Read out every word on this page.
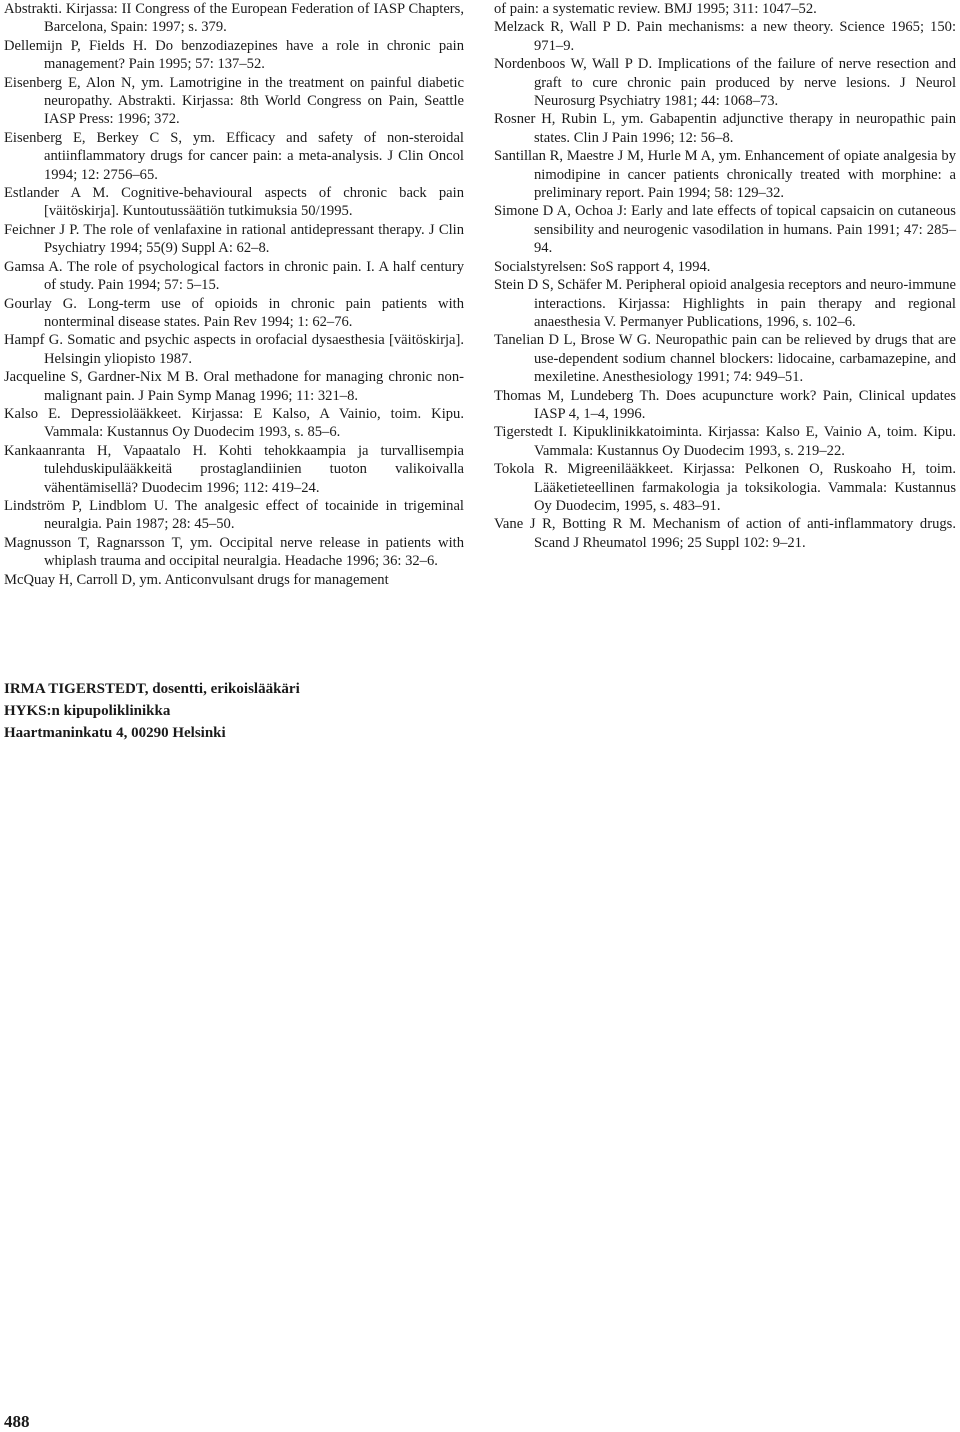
Abstrakti. Kirjassa: II Congress of the European Federation of IASP Chapters, Barcelona, Spain: 1997; s. 379.

Dellemijn P, Fields H. Do benzodiazepines have a role in chronic pain management? Pain 1995; 57: 137–52.

Eisenberg E, Alon N, ym. Lamotrigine in the treatment on painful diabetic neuropathy. Abstrakti. Kirjassa: 8th World Congress on Pain, Seattle IASP Press: 1996; 372.

Eisenberg E, Berkey C S, ym. Efficacy and safety of non-steroidal antiinflammatory drugs for cancer pain: a meta-analysis. J Clin Oncol 1994; 12: 2756–65.

Estlander A M. Cognitive-behavioural aspects of chronic back pain [väitöskirja]. Kuntoutussäätiön tutkimuksia 50/1995.

Feichner J P. The role of venlafaxine in rational antidepressant therapy. J Clin Psychiatry 1994; 55(9) Suppl A: 62–8.

Gamsa A. The role of psychological factors in chronic pain. I. A half century of study. Pain 1994; 57: 5–15.

Gourlay G. Long-term use of opioids in chronic pain patients with nonterminal disease states. Pain Rev 1994; 1: 62–76.

Hampf G. Somatic and psychic aspects in orofacial dysaesthesia [väitöskirja]. Helsingin yliopisto 1987.

Jacqueline S, Gardner-Nix M B. Oral methadone for managing chronic non-malignant pain. J Pain Symp Manag 1996; 11: 321–8.

Kalso E. Depressiolääkkeet. Kirjassa: E Kalso, A Vainio, toim. Kipu. Vammala: Kustannus Oy Duodecim 1993, s. 85–6.

Kankaanranta H, Vapaatalo H. Kohti tehokkaampia ja turvallisempia tulehduskipulääkkeitä prostaglandiinien tuoton valikoivalla vähentämisellä? Duodecim 1996; 112: 419–24.

Lindström P, Lindblom U. The analgesic effect of tocainide in trigeminal neuralgia. Pain 1987; 28: 45–50.

Magnusson T, Ragnarsson T, ym. Occipital nerve release in patients with whiplash trauma and occipital neuralgia. Headache 1996; 36: 32–6.

McQuay H, Carroll D, ym. Anticonvulsant drugs for management

of pain: a systematic review. BMJ 1995; 311: 1047–52.

Melzack R, Wall P D. Pain mechanisms: a new theory. Science 1965; 150: 971–9.

Nordenboos W, Wall P D. Implications of the failure of nerve resection and graft to cure chronic pain produced by nerve lesions. J Neurol Neurosurg Psychiatry 1981; 44: 1068–73.

Rosner H, Rubin L, ym. Gabapentin adjunctive therapy in neuropathic pain states. Clin J Pain 1996; 12: 56–8.

Santillan R, Maestre J M, Hurle M A, ym. Enhancement of opiate analgesia by nimodipine in cancer patients chronically treated with morphine: a preliminary report. Pain 1994; 58: 129–32.

Simone D A, Ochoa J: Early and late effects of topical capsaicin on cutaneous sensibility and neurogenic vasodilation in humans. Pain 1991; 47: 285–94.

Socialstyrelsen: SoS rapport 4, 1994.

Stein D S, Schäfer M. Peripheral opioid analgesia receptors and neuro-immune interactions. Kirjassa: Highlights in pain therapy and regional anaesthesia V. Permanyer Publications, 1996, s. 102–6.

Tanelian D L, Brose W G. Neuropathic pain can be relieved by drugs that are use-dependent sodium channel blockers: lidocaine, carbamazepine, and mexiletine. Anesthesiology 1991; 74: 949–51.

Thomas M, Lundeberg Th. Does acupuncture work? Pain, Clinical updates IASP 4, 1–4, 1996.

Tigerstedt I. Kipuklinikkatoiminta. Kirjassa: Kalso E, Vainio A, toim. Kipu. Vammala: Kustannus Oy Duodecim 1993, s. 219–22.

Tokola R. Migreenilääkkeet. Kirjassa: Pelkonen O, Ruskoaho H, toim. Lääketieteellinen farmakologia ja toksikologia. Vammala: Kustannus Oy Duodecim, 1995, s. 483–91.

Vane J R, Botting R M. Mechanism of action of anti-inflammatory drugs. Scand J Rheumatol 1996; 25 Suppl 102: 9–21.

IRMA TIGERSTEDT, dosentti, erikoislääkäri
HYKS:n kipupoliklinikka
Haartmaninkatu 4, 00290 Helsinki
488
